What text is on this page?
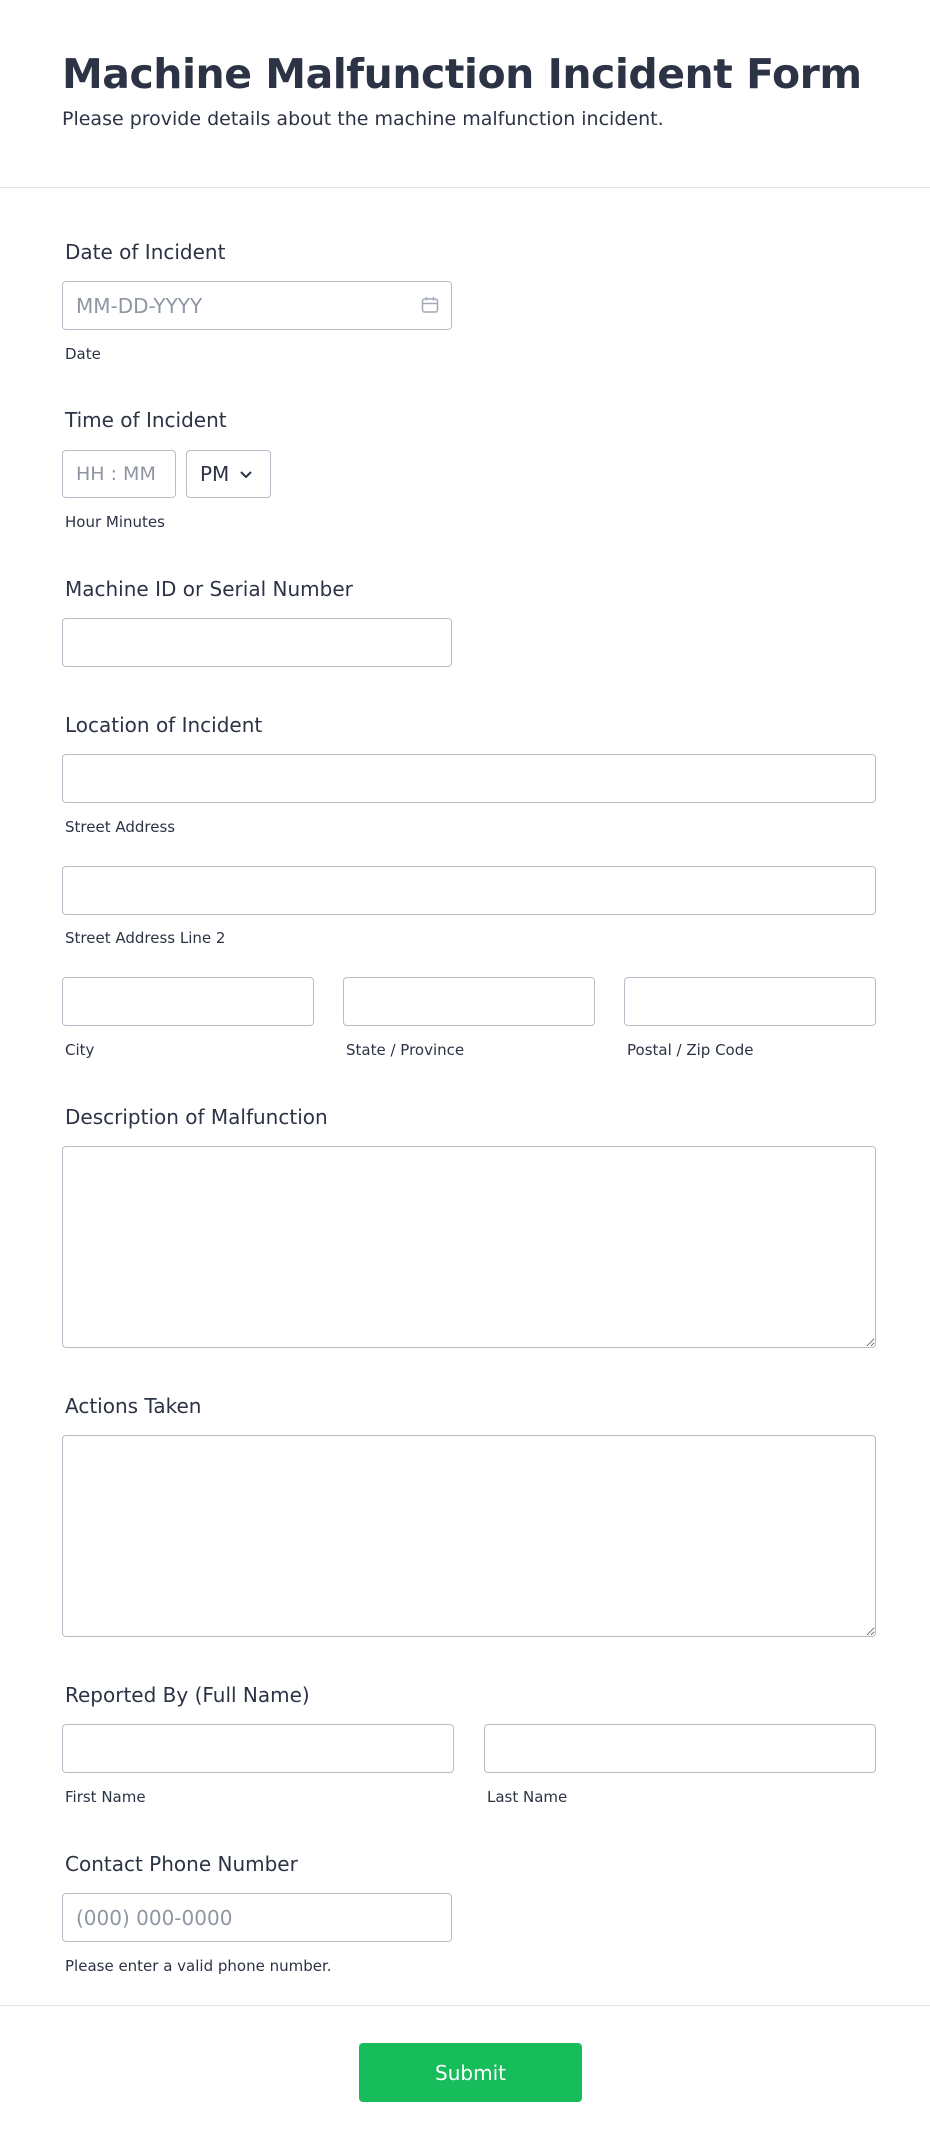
Machine Malfunction Incident Form

Please provide details about the machine malfunction incident.

Date of Incident
MM-DD-YYYY
Date
Time of Incident
HH : MM
PM
Hour Minutes
Machine ID or Serial Number
Location of Incident
Street Address
Street Address Line 2
City	State / Province	Postal / Zip Code
Description of Malfunction
Actions Taken
Reported By (Full Name)
First Name	Last Name
Contact Phone Number
(000) 000-0000
Please enter a valid phone number.
Submit
